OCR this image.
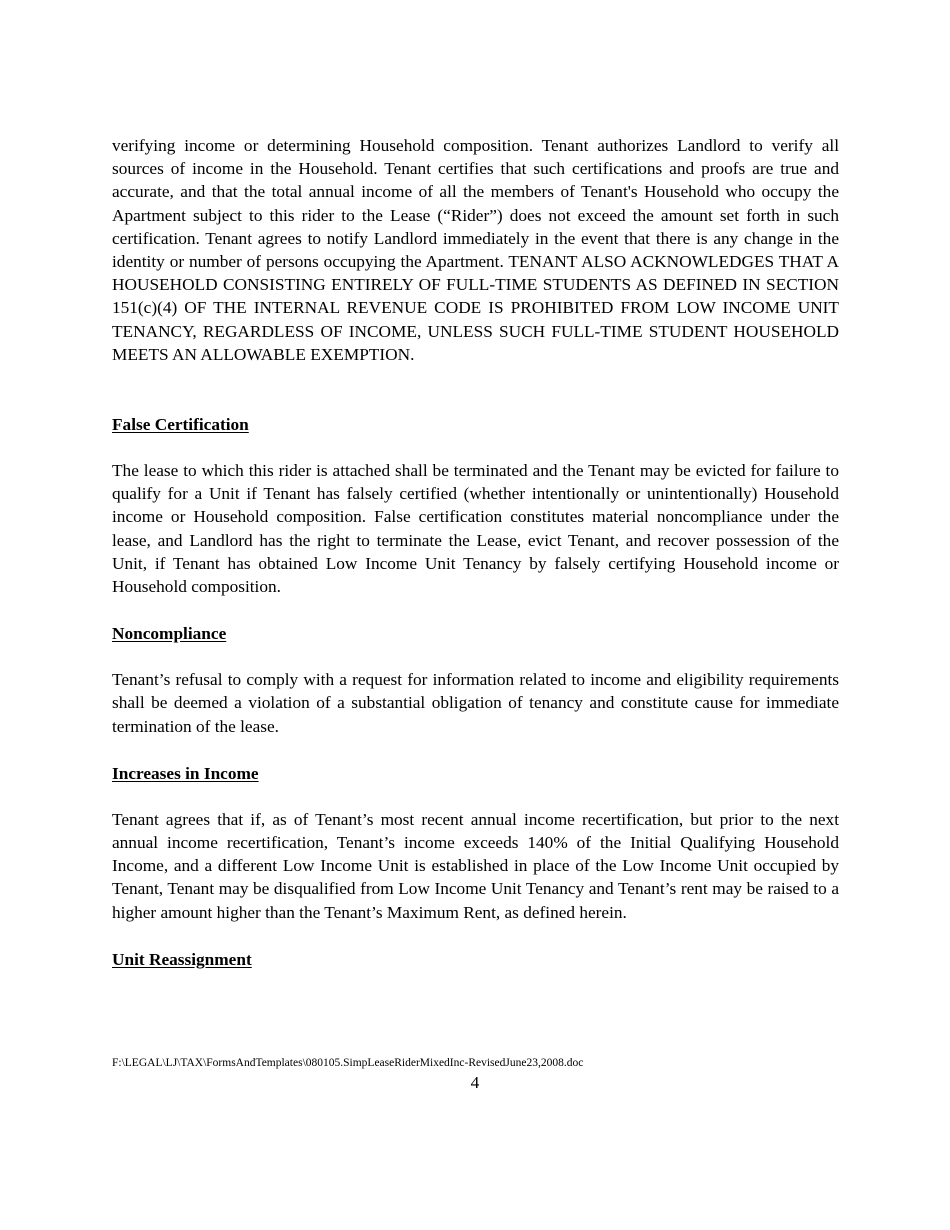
verifying income or determining Household composition. Tenant authorizes Landlord to verify all sources of income in the Household. Tenant certifies that such certifications and proofs are true and accurate, and that the total annual income of all the members of Tenant's Household who occupy the Apartment subject to this rider to the Lease (“Rider”) does not exceed the amount set forth in such certification. Tenant agrees to notify Landlord immediately in the event that there is any change in the identity or number of persons occupying the Apartment. TENANT ALSO ACKNOWLEDGES THAT A HOUSEHOLD CONSISTING ENTIRELY OF FULL-TIME STUDENTS AS DEFINED IN SECTION 151(c)(4) OF THE INTERNAL REVENUE CODE IS PROHIBITED FROM LOW INCOME UNIT TENANCY, REGARDLESS OF INCOME, UNLESS SUCH FULL-TIME STUDENT HOUSEHOLD MEETS AN ALLOWABLE EXEMPTION.

False Certification

The lease to which this rider is attached shall be terminated and the Tenant may be evicted for failure to qualify for a Unit if Tenant has falsely certified (whether intentionally or unintentionally) Household income or Household composition. False certification constitutes material noncompliance under the lease, and Landlord has the right to terminate the Lease, evict Tenant, and recover possession of the Unit, if Tenant has obtained Low Income Unit Tenancy by falsely certifying Household income or Household composition.

Noncompliance

Tenant’s refusal to comply with a request for information related to income and eligibility requirements shall be deemed a violation of a substantial obligation of tenancy and constitute cause for immediate termination of the lease.

Increases in Income

Tenant agrees that if, as of Tenant’s most recent annual income recertification, but prior to the next annual income recertification, Tenant’s income exceeds 140% of the Initial Qualifying Household Income, and a different Low Income Unit is established in place of the Low Income Unit occupied by Tenant, Tenant may be disqualified from Low Income Unit Tenancy and Tenant’s rent may be raised to a higher amount higher than the Tenant’s Maximum Rent, as defined herein.

Unit Reassignment
F:\LEGAL\LJ\TAX\FormsAndTemplates\080105.SimpLeaseRiderMixedInc-RevisedJune23,2008.doc
4
